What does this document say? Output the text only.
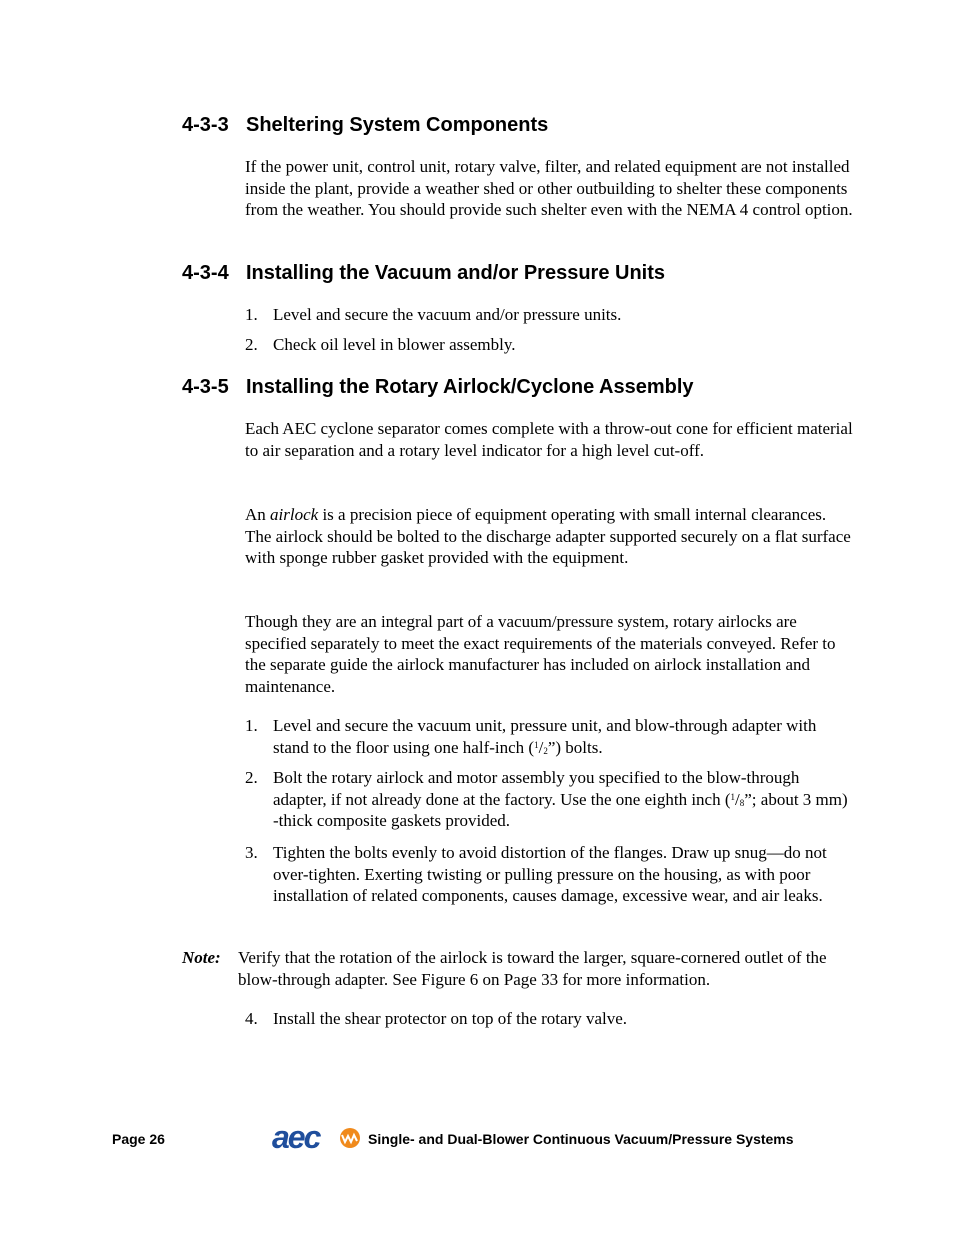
4-3-3 Sheltering System Components

If the power unit, control unit, rotary valve, filter, and related equipment are not installed inside the plant, provide a weather shed or other outbuilding to shelter these components from the weather. You should provide such shelter even with the NEMA 4 control option.

4-3-4 Installing the Vacuum and/or Pressure Units
1. Level and secure the vacuum and/or pressure units.
2. Check oil level in blower assembly.
4-3-5 Installing the Rotary Airlock/Cyclone Assembly

Each AEC cyclone separator comes complete with a throw-out cone for efficient material to air separation and a rotary level indicator for a high level cut-off.

An airlock is a precision piece of equipment operating with small internal clearances. The airlock should be bolted to the discharge adapter supported securely on a flat surface with sponge rubber gasket provided with the equipment.

Though they are an integral part of a vacuum/pressure system, rotary airlocks are specified separately to meet the exact requirements of the materials conveyed. Refer to the separate guide the airlock manufacturer has included on airlock installation and maintenance.

1. Level and secure the vacuum unit, pressure unit, and blow-through adapter with stand to the floor using one half-inch $(^1/_2”)$ bolts.
2. Bolt the rotary airlock and motor assembly you specified to the blow-through adapter, if not already done at the factory. Use the one eighth inch ($^1/_8$”; about 3 mm) -thick composite gaskets provided.
3. Tighten the bolts evenly to avoid distortion of the flanges. Draw up snug—do not over-tighten. Exerting twisting or pulling pressure on the housing, as with poor installation of related components, causes damage, excessive wear, and air leaks.
Note: Verify that the rotation of the airlock is toward the larger, square-cornered outlet of the blow-through adapter. See Figure 6 on Page 33 for more information.
4. Install the shear protector on top of the rotary valve.
Page 26	aec	Single- and Dual-Blower Continuous Vacuum/Pressure Systems
